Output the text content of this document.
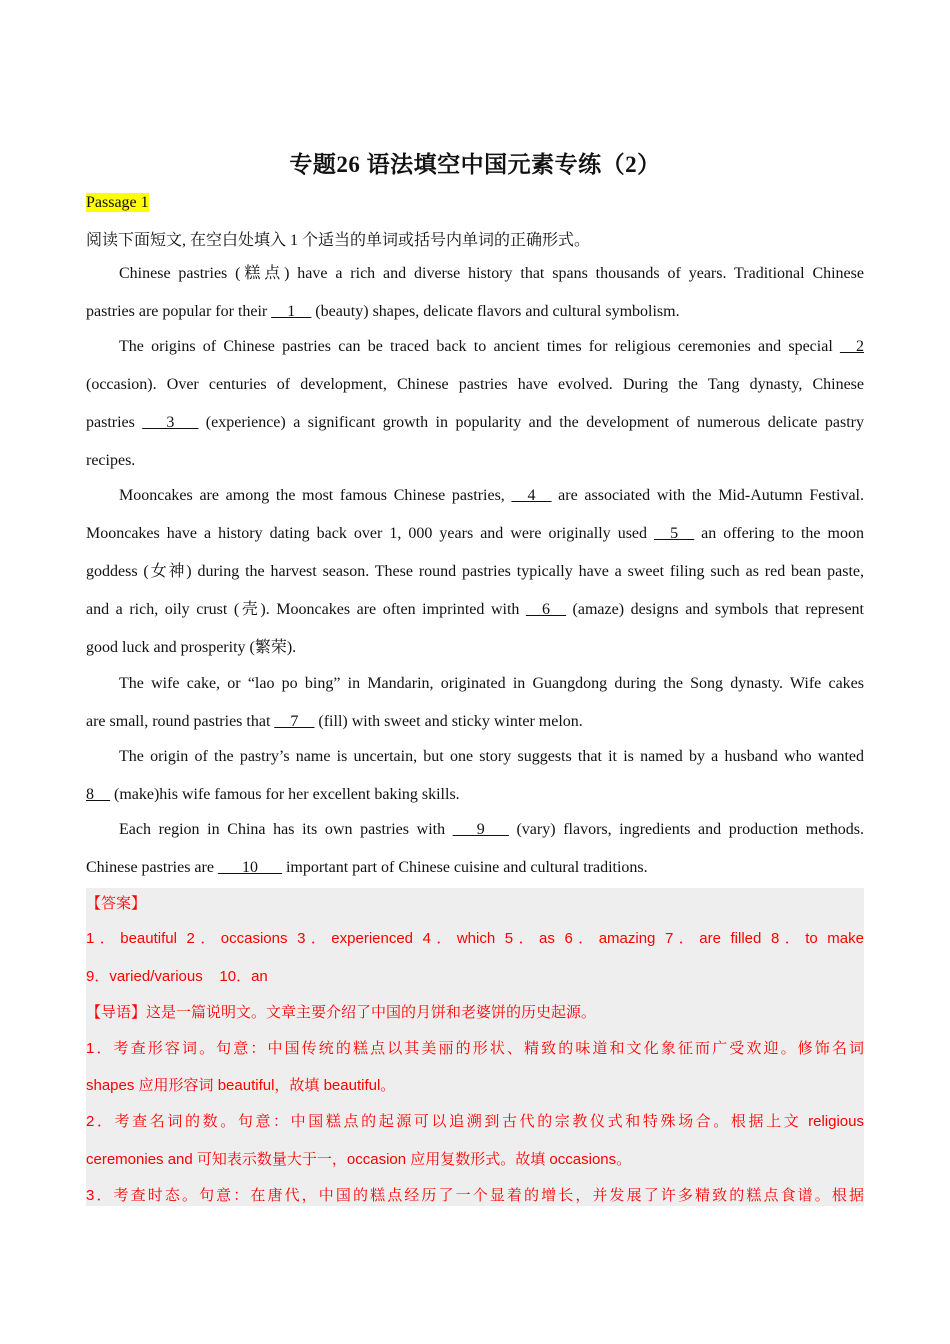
专题26 语法填空中国元素专练（2）
Passage 1
阅读下面短文, 在空白处填入 1 个适当的单词或括号内单词的正确形式。
Chinese pastries (糕点) have a rich and diverse history that spans thousands of years. Traditional Chinese
pastries are popular for their __1__ (beauty) shapes, delicate flavors and cultural symbolism.
The origins of Chinese pastries can be traced back to ancient times for religious ceremonies and special __2
(occasion). Over centuries of development, Chinese pastries have evolved. During the Tang dynasty, Chinese
pastries ___3___ (experience) a significant growth in popularity and the development of numerous delicate pastry
recipes.
Mooncakes are among the most famous Chinese pastries, __4__ are associated with the Mid-Autumn Festival.
Mooncakes have a history dating back over 1, 000 years and were originally used __5__ an offering to the moon
goddess (女神) during the harvest season. These round pastries typically have a sweet filing such as red bean paste,
and a rich, oily crust (壳). Mooncakes are often imprinted with __6__ (amaze) designs and symbols that represent
good luck and prosperity (繁荣).
The wife cake, or “lao po bing” in Mandarin, originated in Guangdong during the Song dynasty. Wife cakes
are small, round pastries that __7__ (fill) with sweet and sticky winter melon.
The origin of the pastry’s name is uncertain, but one story suggests that it is named by a husband who wanted
8__ (make)his wife famous for her excellent baking skills.
Each region in China has its own pastries with ___9___ (vary) flavors, ingredients and production methods.
Chinese pastries are ___10___ important part of Chinese cuisine and cultural traditions.
【答案】
1．beautiful 2．occasions 3．experienced 4．which 5．as 6．amazing 7．are filled 8．to make
9．varied/various    10．an
【导语】这是一篇说明文。文章主要介绍了中国的月饼和老婆饼的历史起源。
1．考查形容词。句意：中国传统的糕点以其美丽的形状、精致的味道和文化象征而广受欢迎。修饰名词
shapes 应用形容词 beautiful，故填 beautiful。
2．考查名词的数。句意：中国糕点的起源可以追溯到古代的宗教仪式和特殊场合。根据上文 religious
ceremonies and 可知表示数量大于一，occasion 应用复数形式。故填 occasions。
3．考查时态。句意：在唐代，中国的糕点经历了一个显着的增长，并发展了许多精致的糕点食谱。根据
